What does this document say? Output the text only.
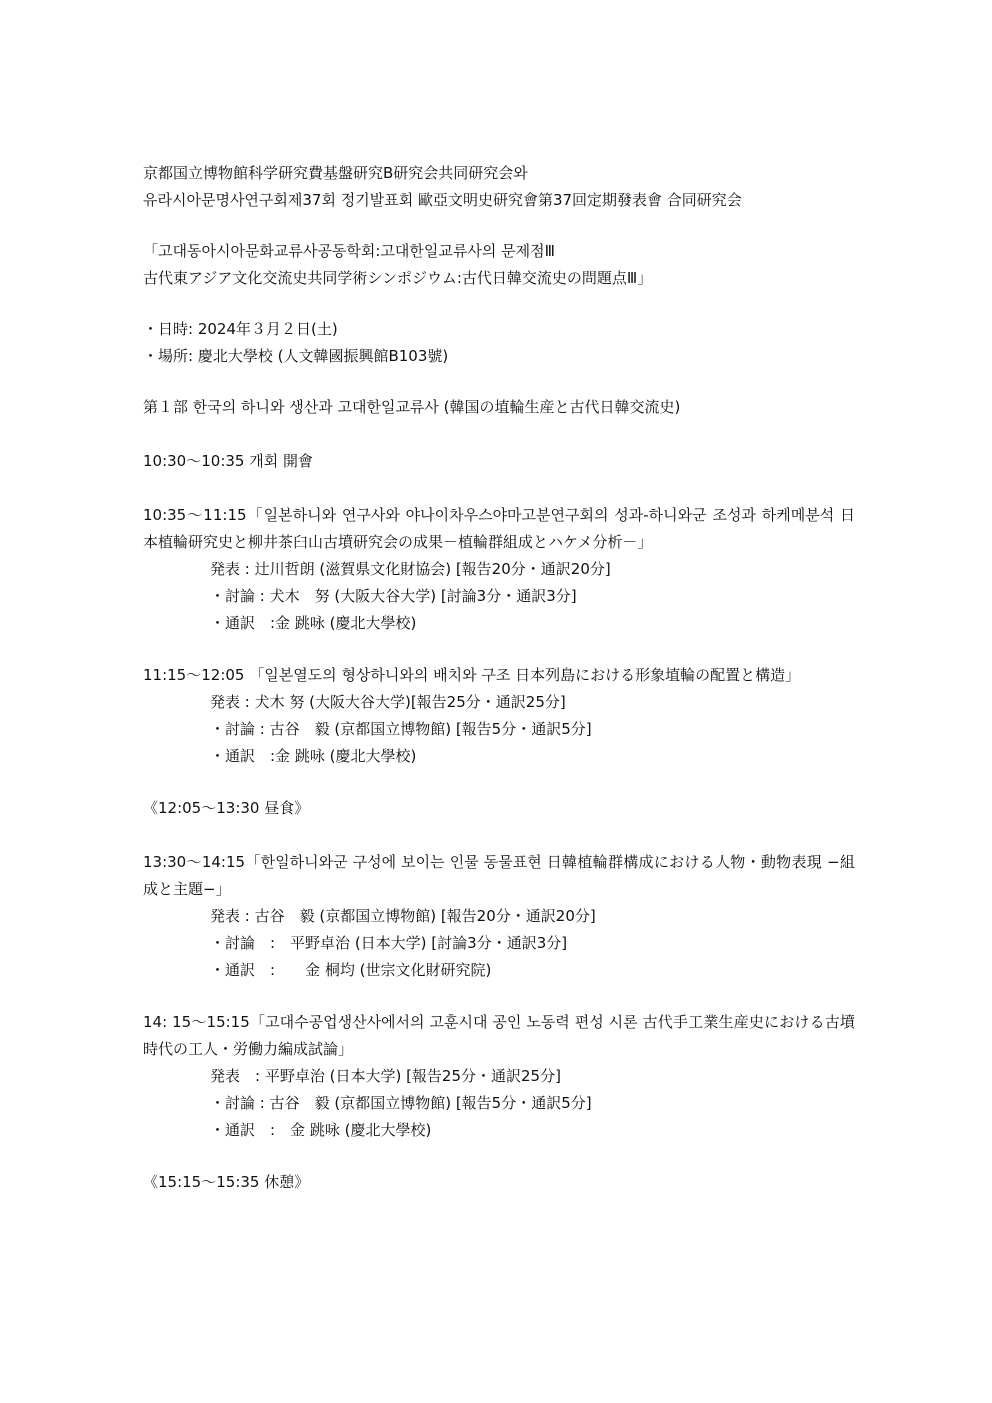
京都国立博物館科学研究費基盤研究B研究会共同研究会와
유라시아문명사연구회제37회 정기발표회 歐亞文明史研究會第37回定期發表會 合同研究会
「고대동아시아문화교류사공동학회:고대한일교류사의 문제점Ⅲ
古代東アジア文化交流史共同学術シンポジウム:古代日韓交流史の問題点Ⅲ」
・日時: 2024年３月２日(土)
・場所: 慶北大學校 (人文韓國振興館B103號)
第１部 한국의 하니와 생산과 고대한일교류사 (韓国の埴輪生産と古代日韓交流史)
10:30～10:35 개회 開會
10:35～11:15「일본하니와 연구사와 야나이차우스야마고분연구회의 성과-하니와군 조성과 하케메분석 日本植輪研究史と柳井茶臼山古墳研究会の成果－植輪群組成とハケメ分析－」
発表 : 辻川哲朗 (滋賀県文化財協会) [報告20分・通訳20分]
・討論 : 犬木　努 (大阪大谷大学) [討論3分・通訳3分]
・通訳　:金 跳咏 (慶北大學校)
11:15～12:05 「일본열도의 형상하니와의 배치와 구조 日本列島における形象埴輪の配置と構造」
発表 : 犬木 努 (大阪大谷大学)[報告25分・通訳25分]
・討論 : 古谷　毅 (京都国立博物館) [報告5分・通訳5分]
・通訳　:金 跳咏 (慶北大學校)
《12:05～13:30 昼食》
13:30～14:15「한일하니와군 구성에 보이는 인물 동물표현 日韓植輪群構成における人物・動物表現 −組成と主題−」
発表 : 古谷　毅 (京都国立博物館) [報告20分・通訳20分]
・討論　:　平野卓治 (日本大学) [討論3分・通訳3分]
・通訳　:　　金 桐均 (世宗文化財研究院)
14: 15～15:15「고대수공업생산사에서의 고훈시대 공인 노동력 편성 시론 古代手工業生産史における古墳時代の工人・労働力編成試論」
発表　: 平野卓治 (日本大学) [報告25分・通訳25分]
・討論 : 古谷　毅 (京都国立博物館) [報告5分・通訳5分]
・通訳　:　金 跳咏 (慶北大學校)
《15:15～15:35 休憩》
